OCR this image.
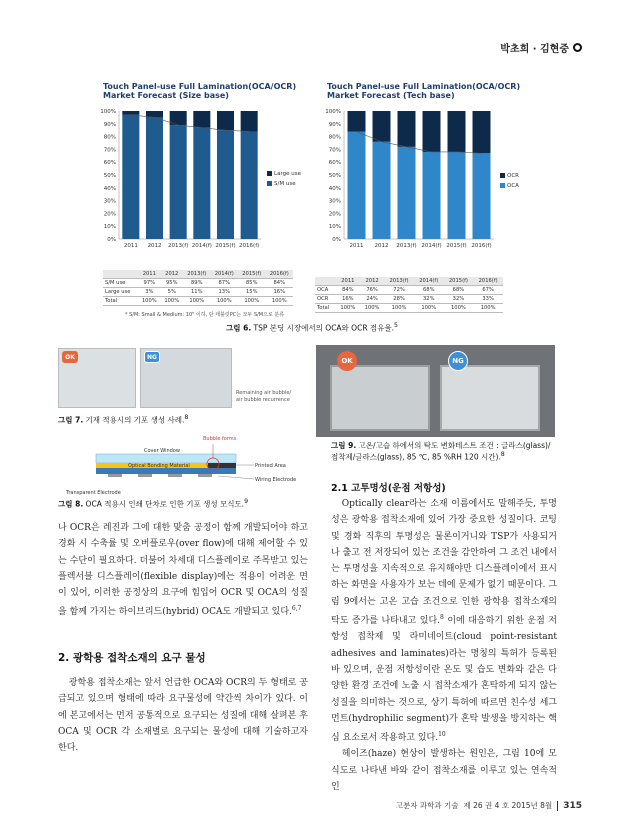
박초희 · 김현중
Touch Panel-use Full Lamination(OCA/OCR)
Market Forecast (Size base)
Touch Panel-use Full Lamination(OCA/OCR)
Market Forecast (Tech base)
0%
10%
20%
30%
40%
50%
60%
70%
80%
90%
100%
2011 2012 2013(f) 2014(f) 2015(f) 2016(f)
Large use
S/M use
0%
10%
20%
30%
40%
50%
60%
70%
80%
90%
100%
2011 2012 2013(f) 2014(f) 2015(f) 2016(f)
OCR
OCA
	2011	2012	2013(f)	2014(f)	2015(f)	2016(f)
S/M use	97%	95%	89%	87%	85%	84%
Large use	3%	5%	11%	13%	15%	16%
Total	100%	100%	100%	100%	100%	100%
* S/M: Small & Medium: 10" 이하, 단 태블릿PC는 모두 S/M으로 분류
	2011	2012	2013(f)	2014(f)	2015(f)	2016(f)
OCA	84%	76%	72%	68%	68%	67%
OCR	16%	24%	28%	32%	32%	33%
Total	100%	100%	100%	100%	100%	100%
그림 6. TSP 본딩 시장에서의 OCA와 OCR 점유율.$^5$
OK	NG
Remaining air bubble/
air bubble recurrence
그림 7. 기재 적용시의 기포 생성 사례.$^8$
Bubble forms
Cover Window
Optical Bonding Material	Printed Area
Wiring Electrode
Transparent Electrode
그림 8. OCA 적용시 인쇄 단차로 인한 기포 생성 모식도.$^9$
OK	NG
그림 9. 고온/고습 하에서의 탁도 변화테스트 조건 : 글라스(glass)/접착제/글라스(glass), 85 ℃, 85 %RH 120 시간).$^8$

나 OCR은 레진과 그에 대한 맞춤 공정이 함께 개발되어야 하고 경화 시 수축률 및 오버플로우(over flow)에 대해 제어할 수 있는 수단이 필요하다. 더불어 차세대 디스플레이로 주목받고 있는 플렉서블 디스플레이(flexible display)에는 적용이 어려운 면이 있어, 이러한 공정상의 요구에 힘입어 OCR 및 OCA의 성질을 함께 가지는 하이브리드(hybrid) OCA도 개발되고 있다.$^{6,7}$

2. 광학용 접착소재의 요구 물성

광학용 접착소재는 앞서 언급한 OCA와 OCR의 두 형태로 공급되고 있으며 형태에 따라 요구물성에 약간씩 차이가 있다. 이에 본고에서는 먼저 공통적으로 요구되는 성질에 대해 살펴본 후 OCA 및 OCR 각 소재별로 요구되는 물성에 대해 기술하고자 한다.

2.1 고투명성(운점 저항성)

Optically clear라는 소재 이름에서도 말해주듯, 투명성은 광학용 접착소재에 있어 가장 중요한 성질이다. 코팅 및 경화 직후의 투명성은 물론이거니와 TSP가 사용되거나 출고 전 저장되어 있는 조건을 감안하여 그 조건 내에서는 투명성을 지속적으로 유지해야만 디스플레이에서 표시하는 화면을 사용자가 보는 데에 문제가 없기 때문이다. 그림 9에서는 고온 고습 조건으로 인한 광학용 접착소재의 탁도 증가를 나타내고 있다.$^8$ 이에 대응하기 위한 운점 저항성 접착제 및 라미네이트(cloud point-resistant adhesives and laminates)라는 명칭의 특허가 등록된 바 있으며, 운점 저항성이란 온도 및 습도 변화와 같은 다양한 환경 조건에 노출 시 접착소재가 혼탁하게 되지 않는 성질을 의미하는 것으로, 상기 특허에 따르면 친수성 세그먼트(hydrophilic segment)가 혼탁 발생을 방지하는 핵심 요소로서 작용하고 있다.$^{10}$

헤이즈(haze) 현상이 발생하는 원인은, 그림 10에 모식도로 나타낸 바와 같이 접착소재를 이루고 있는 연속적인

고분자 과학과 기술 제 26 권 4 호 2015년 8월	315
